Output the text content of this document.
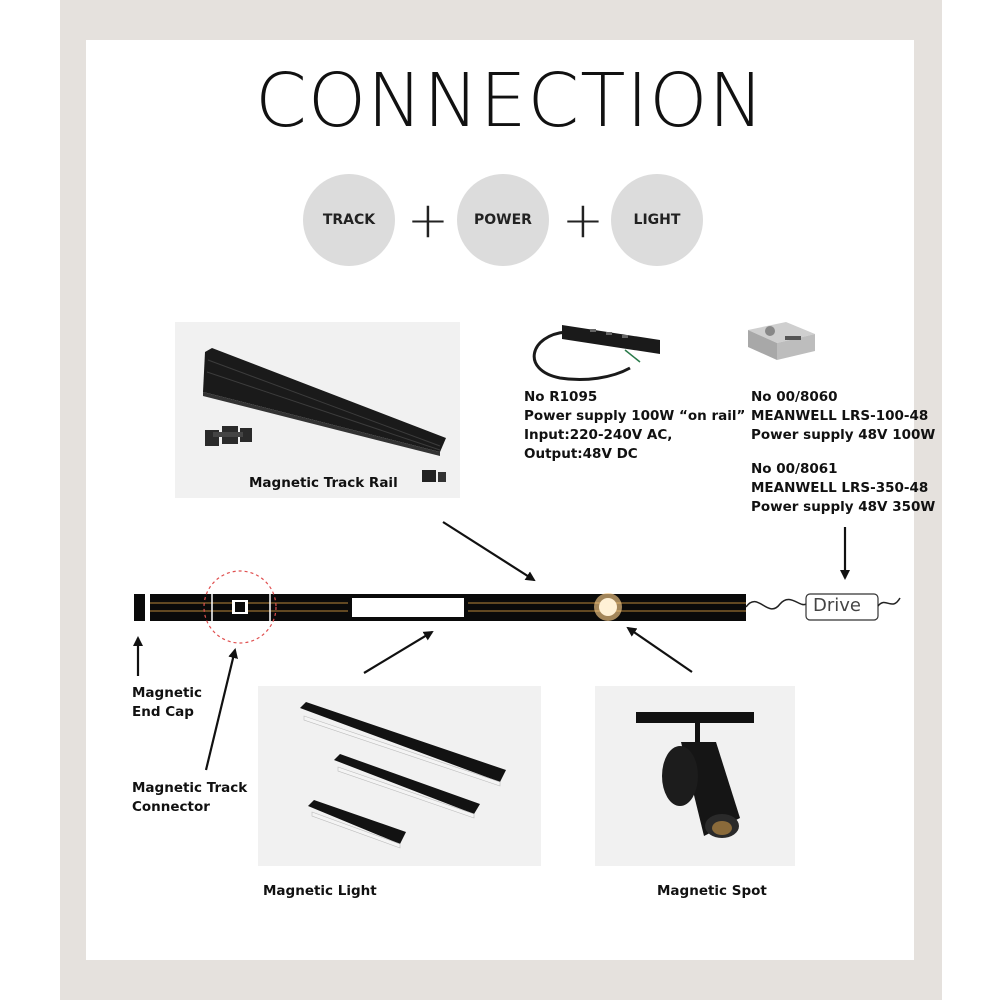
CONNECTION
TRACK +	POWER +	LIGHT
Drive
Magnetic Track Rail
No R1095
Power supply 100W “on rail”
Input:220-240V AC,
Output:48V DC
No 00/8060
MEANWELL LRS-100-48
Power supply 48V 100W
No 00/8061
MEANWELL LRS-350-48
Power supply 48V 350W
Magnetic
End Cap
Magnetic Track
Connector
Magnetic Light	Magnetic Spot
